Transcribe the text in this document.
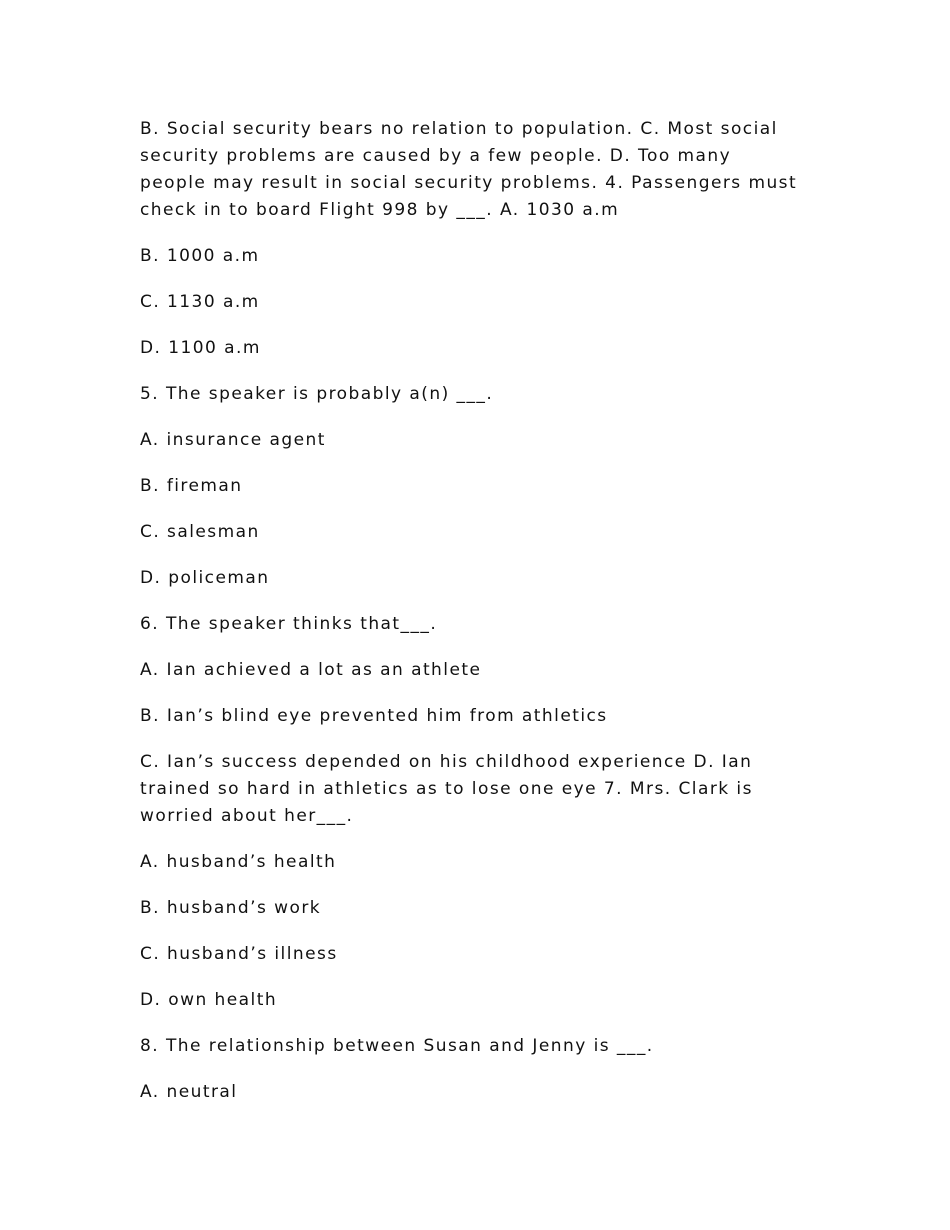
B. Social security bears no relation to population. C. Most social security problems are caused by a few people. D. Too many people may result in social security problems. 4. Passengers must check in to board Flight 998 by ___. A. 1030 a.m

B. 1000 a.m

C. 1130 a.m

D. 1100 a.m

5. The speaker is probably a(n) ___.

A. insurance agent

B. fireman

C. salesman

D. policeman

6. The speaker thinks that___.

A. Ian achieved a lot as an athlete

B. Ian’s blind eye prevented him from athletics

C. Ian’s success depended on his childhood experience D. Ian trained so hard in athletics as to lose one eye 7. Mrs. Clark is worried about her___.

A. husband’s health

B. husband’s work

C. husband’s illness

D. own health

8. The relationship between Susan and Jenny is ___.

A. neutral
